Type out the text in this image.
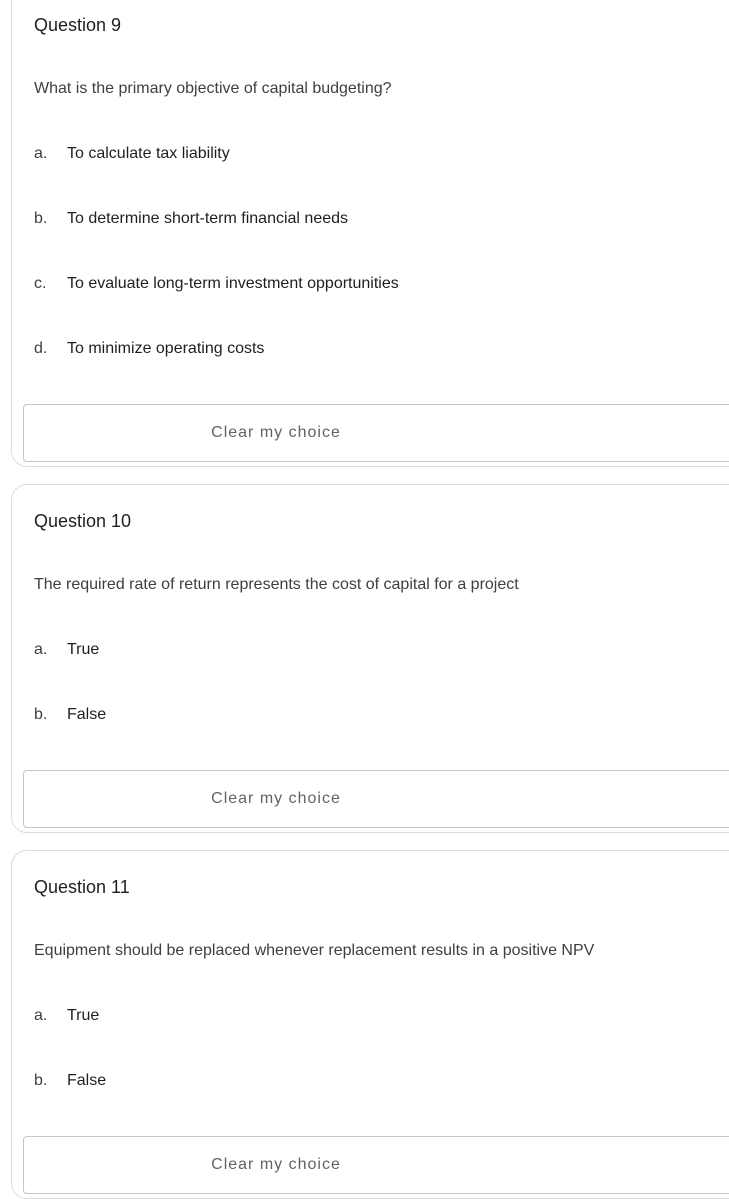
Question 9
What is the primary objective of capital budgeting?
a. To calculate tax liability
b. To determine short-term financial needs
c. To evaluate long-term investment opportunities
d. To minimize operating costs
Clear my choice
Question 10
The required rate of return represents the cost of capital for a project
a. True
b. False
Clear my choice
Question 11
Equipment should be replaced whenever replacement results in a positive NPV
a. True
b. False
Clear my choice
